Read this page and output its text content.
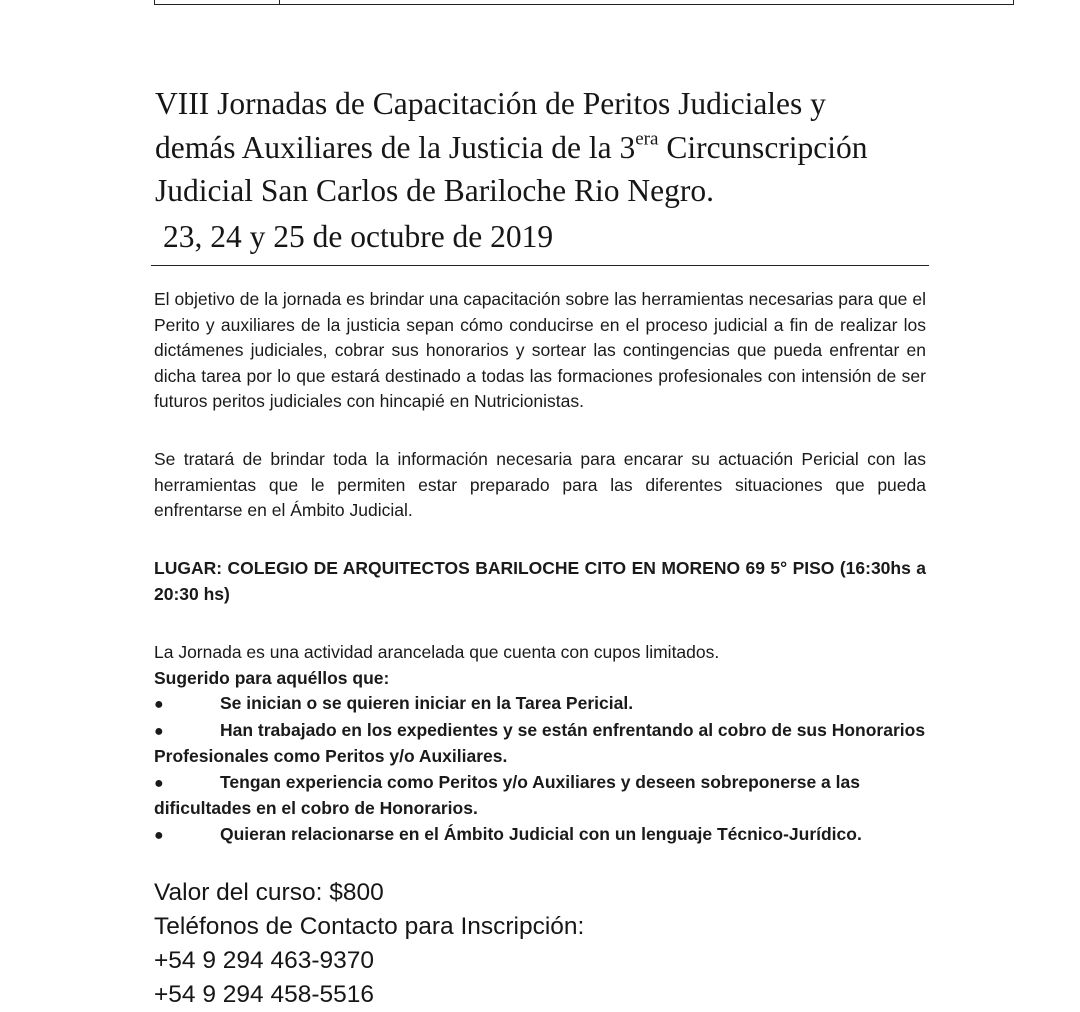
VIII Jornadas de Capacitación de Peritos Judiciales y
demás Auxiliares de la Justicia de la $3^{era}$ Circunscripción
Judicial San Carlos de Bariloche Rio Negro.
23, 24 y 25 de octubre de 2019

El objetivo de la jornada es brindar una capacitación sobre las herramientas necesarias para que el Perito y auxiliares de la justicia sepan cómo conducirse en el proceso judicial a fin de realizar los dictámenes judiciales, cobrar sus honorarios y sortear las contingencias que pueda enfrentar en dicha tarea por lo que estará destinado a todas las formaciones profesionales con intensión de ser futuros peritos judiciales con hincapié en Nutricionistas.

Se tratará de brindar toda la información necesaria para encarar su actuación Pericial con las herramientas que le permiten estar preparado para las diferentes situaciones que pueda enfrentarse en el Ámbito Judicial.

LUGAR: COLEGIO DE ARQUITECTOS BARILOCHE CITO EN MORENO 69 5° PISO (16:30hs a 20:30 hs)

La Jornada es una actividad arancelada que cuenta con cupos limitados.

Sugerido para aquéllos que:
●	Se inician o se quieren iniciar en la Tarea Pericial.
●	Han trabajado en los expedientes y se están enfrentando al cobro de sus Honorarios Profesionales como Peritos y/o Auxiliares.
●	Tengan experiencia como Peritos y/o Auxiliares y deseen sobreponerse a las dificultades en el cobro de Honorarios.
●	Quieran relacionarse en el Ámbito Judicial con un lenguaje Técnico-Jurídico.
Valor del curso: $800
Teléfonos de Contacto para Inscripción:
+54 9 294 463-9370
+54 9 294 458-5516
